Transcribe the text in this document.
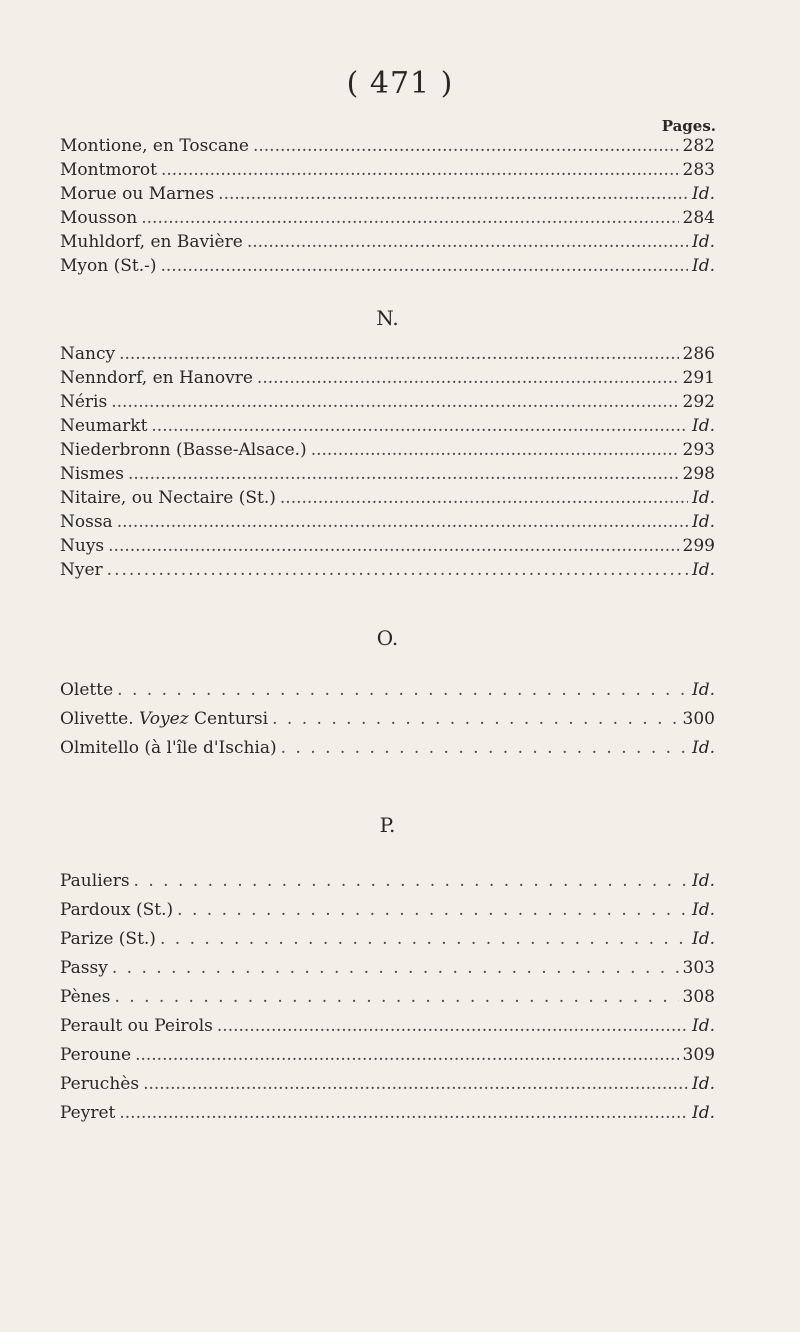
( 471 )
Pages.
Montione, en Toscane .....	282
Montmorot .....	283
Morue ou Marnes .....	Id.
Mousson .....	284
Muhldorf, en Bavière .....	Id.
Myon (St.-) .....	Id.
N.
Nancy .....	286
Nenndorf, en Hanovre .....	291
Néris .....	292
Neumarkt .....	Id.
Niederbronn (Basse-Alsace.) .....	293
Nismes .....	298
Nitaire, ou Nectaire (St.) .....	Id.
Nossa .....	Id.
Nuys .....	299
Nyer .....	Id.
O.
Olette . . .	Id.
Olivette. Voyez Centursi . . .	300
Olmitello (à l'île d'Ischia) . . .	Id.
P.
Pauliers . . .	Id.
Pardoux (St.) . . .	Id.
Parize (St.) . . .	Id.
Passy . . .	303
Pènes . . .	308
Perault ou Peirols .....	Id.
Peroune .....	309
Peruchès .....	Id.
Peyret .....	Id.
